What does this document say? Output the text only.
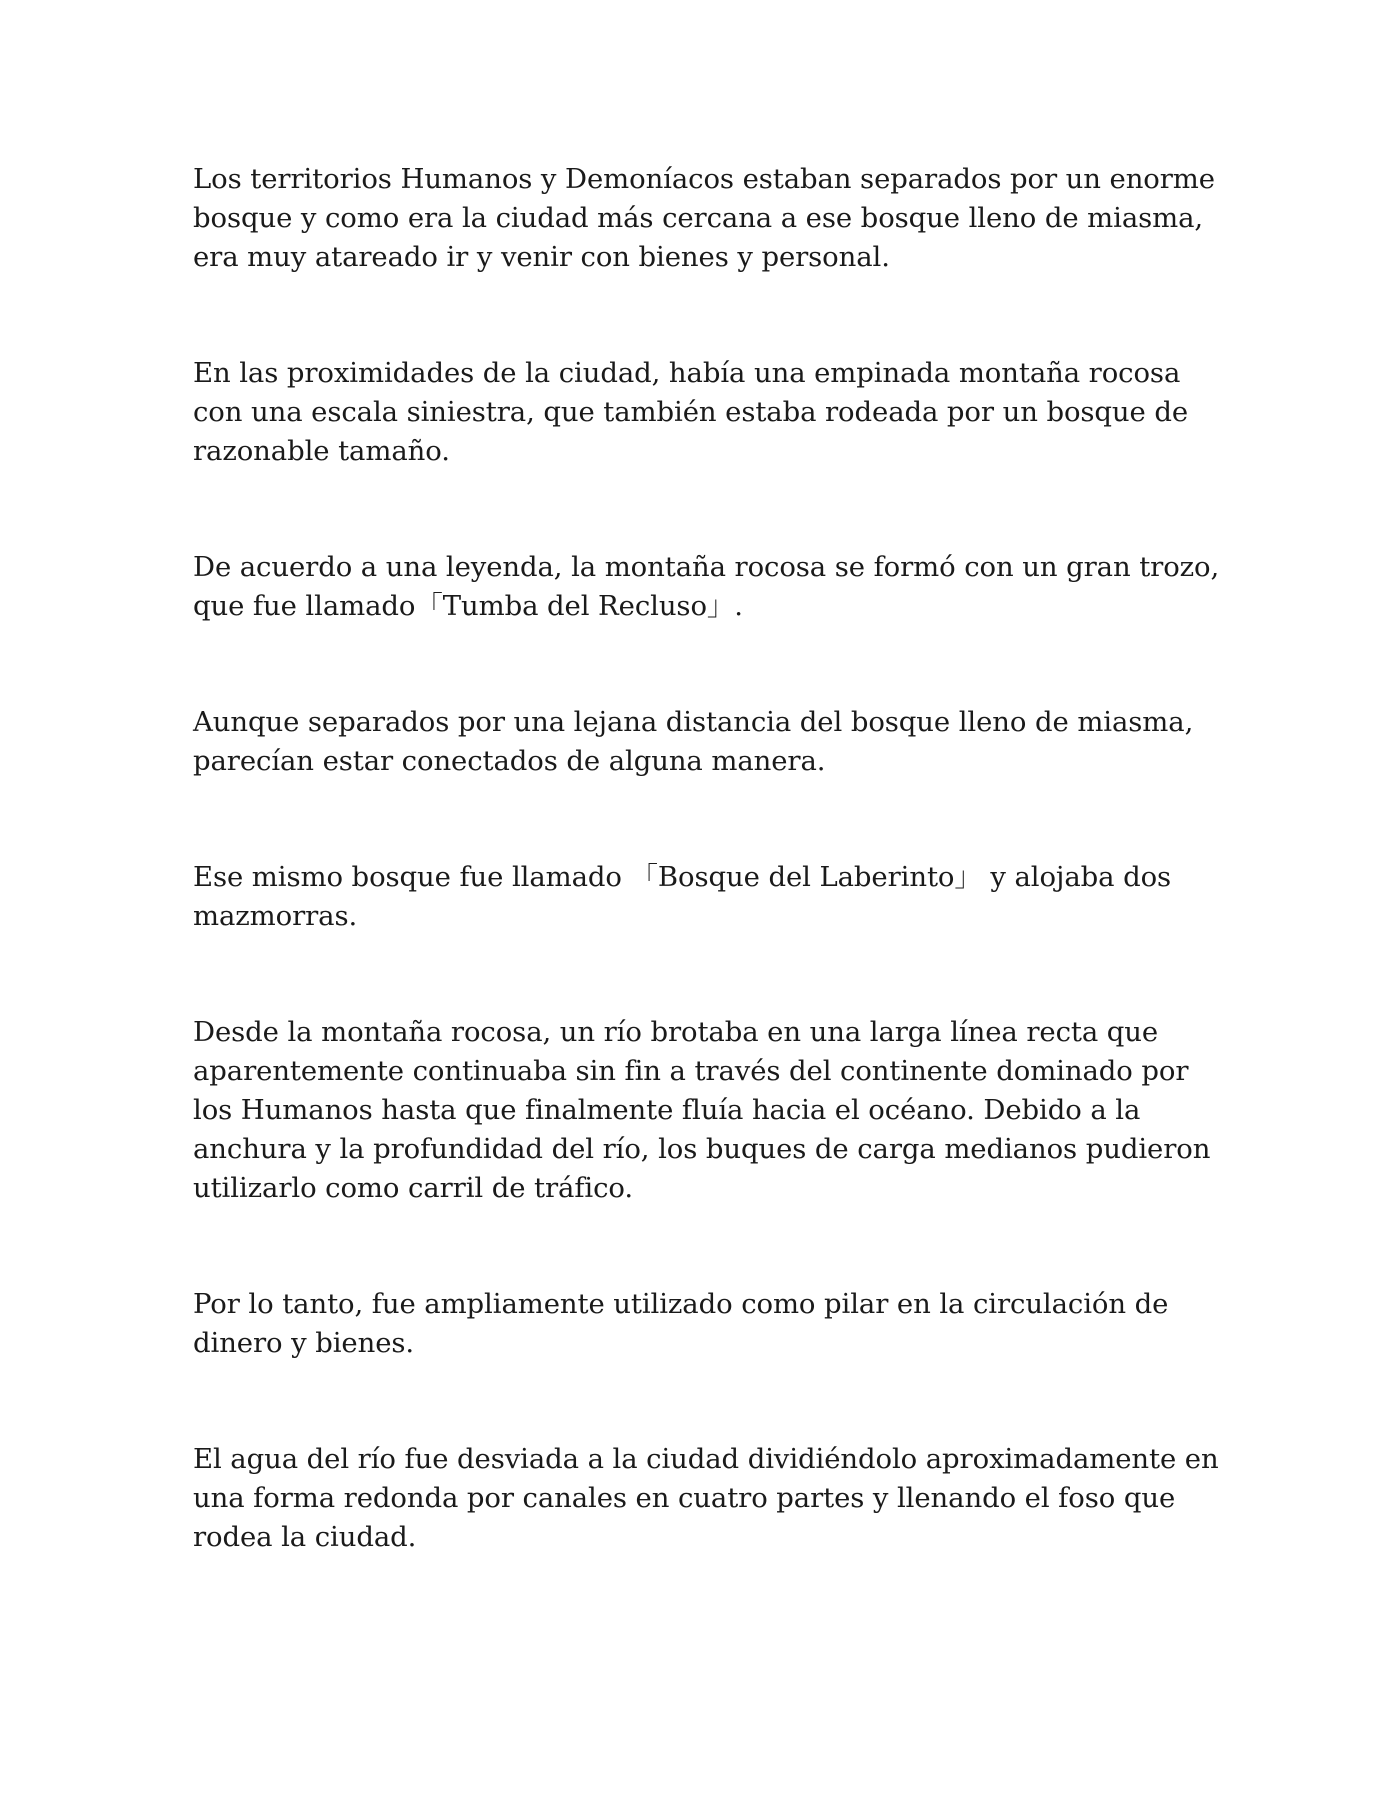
Los territorios Humanos y Demoníacos estaban separados por un enorme bosque y como era la ciudad más cercana a ese bosque lleno de miasma, era muy atareado ir y venir con bienes y personal.

En las proximidades de la ciudad, había una empinada montaña rocosa con una escala siniestra, que también estaba rodeada por un bosque de razonable tamaño.

De acuerdo a una leyenda, la montaña rocosa se formó con un gran trozo, que fue llamado「Tumba del Recluso」.

Aunque separados por una lejana distancia del bosque lleno de miasma, parecían estar conectados de alguna manera.

Ese mismo bosque fue llamado 「Bosque del Laberinto」 y alojaba dos mazmorras.

Desde la montaña rocosa, un río brotaba en una larga línea recta que aparentemente continuaba sin fin a través del continente dominado por los Humanos hasta que finalmente fluía hacia el océano. Debido a la anchura y la profundidad del río, los buques de carga medianos pudieron utilizarlo como carril de tráfico.

Por lo tanto, fue ampliamente utilizado como pilar en la circulación de dinero y bienes.

El agua del río fue desviada a la ciudad dividiéndolo aproximadamente en una forma redonda por canales en cuatro partes y llenando el foso que rodea la ciudad.
